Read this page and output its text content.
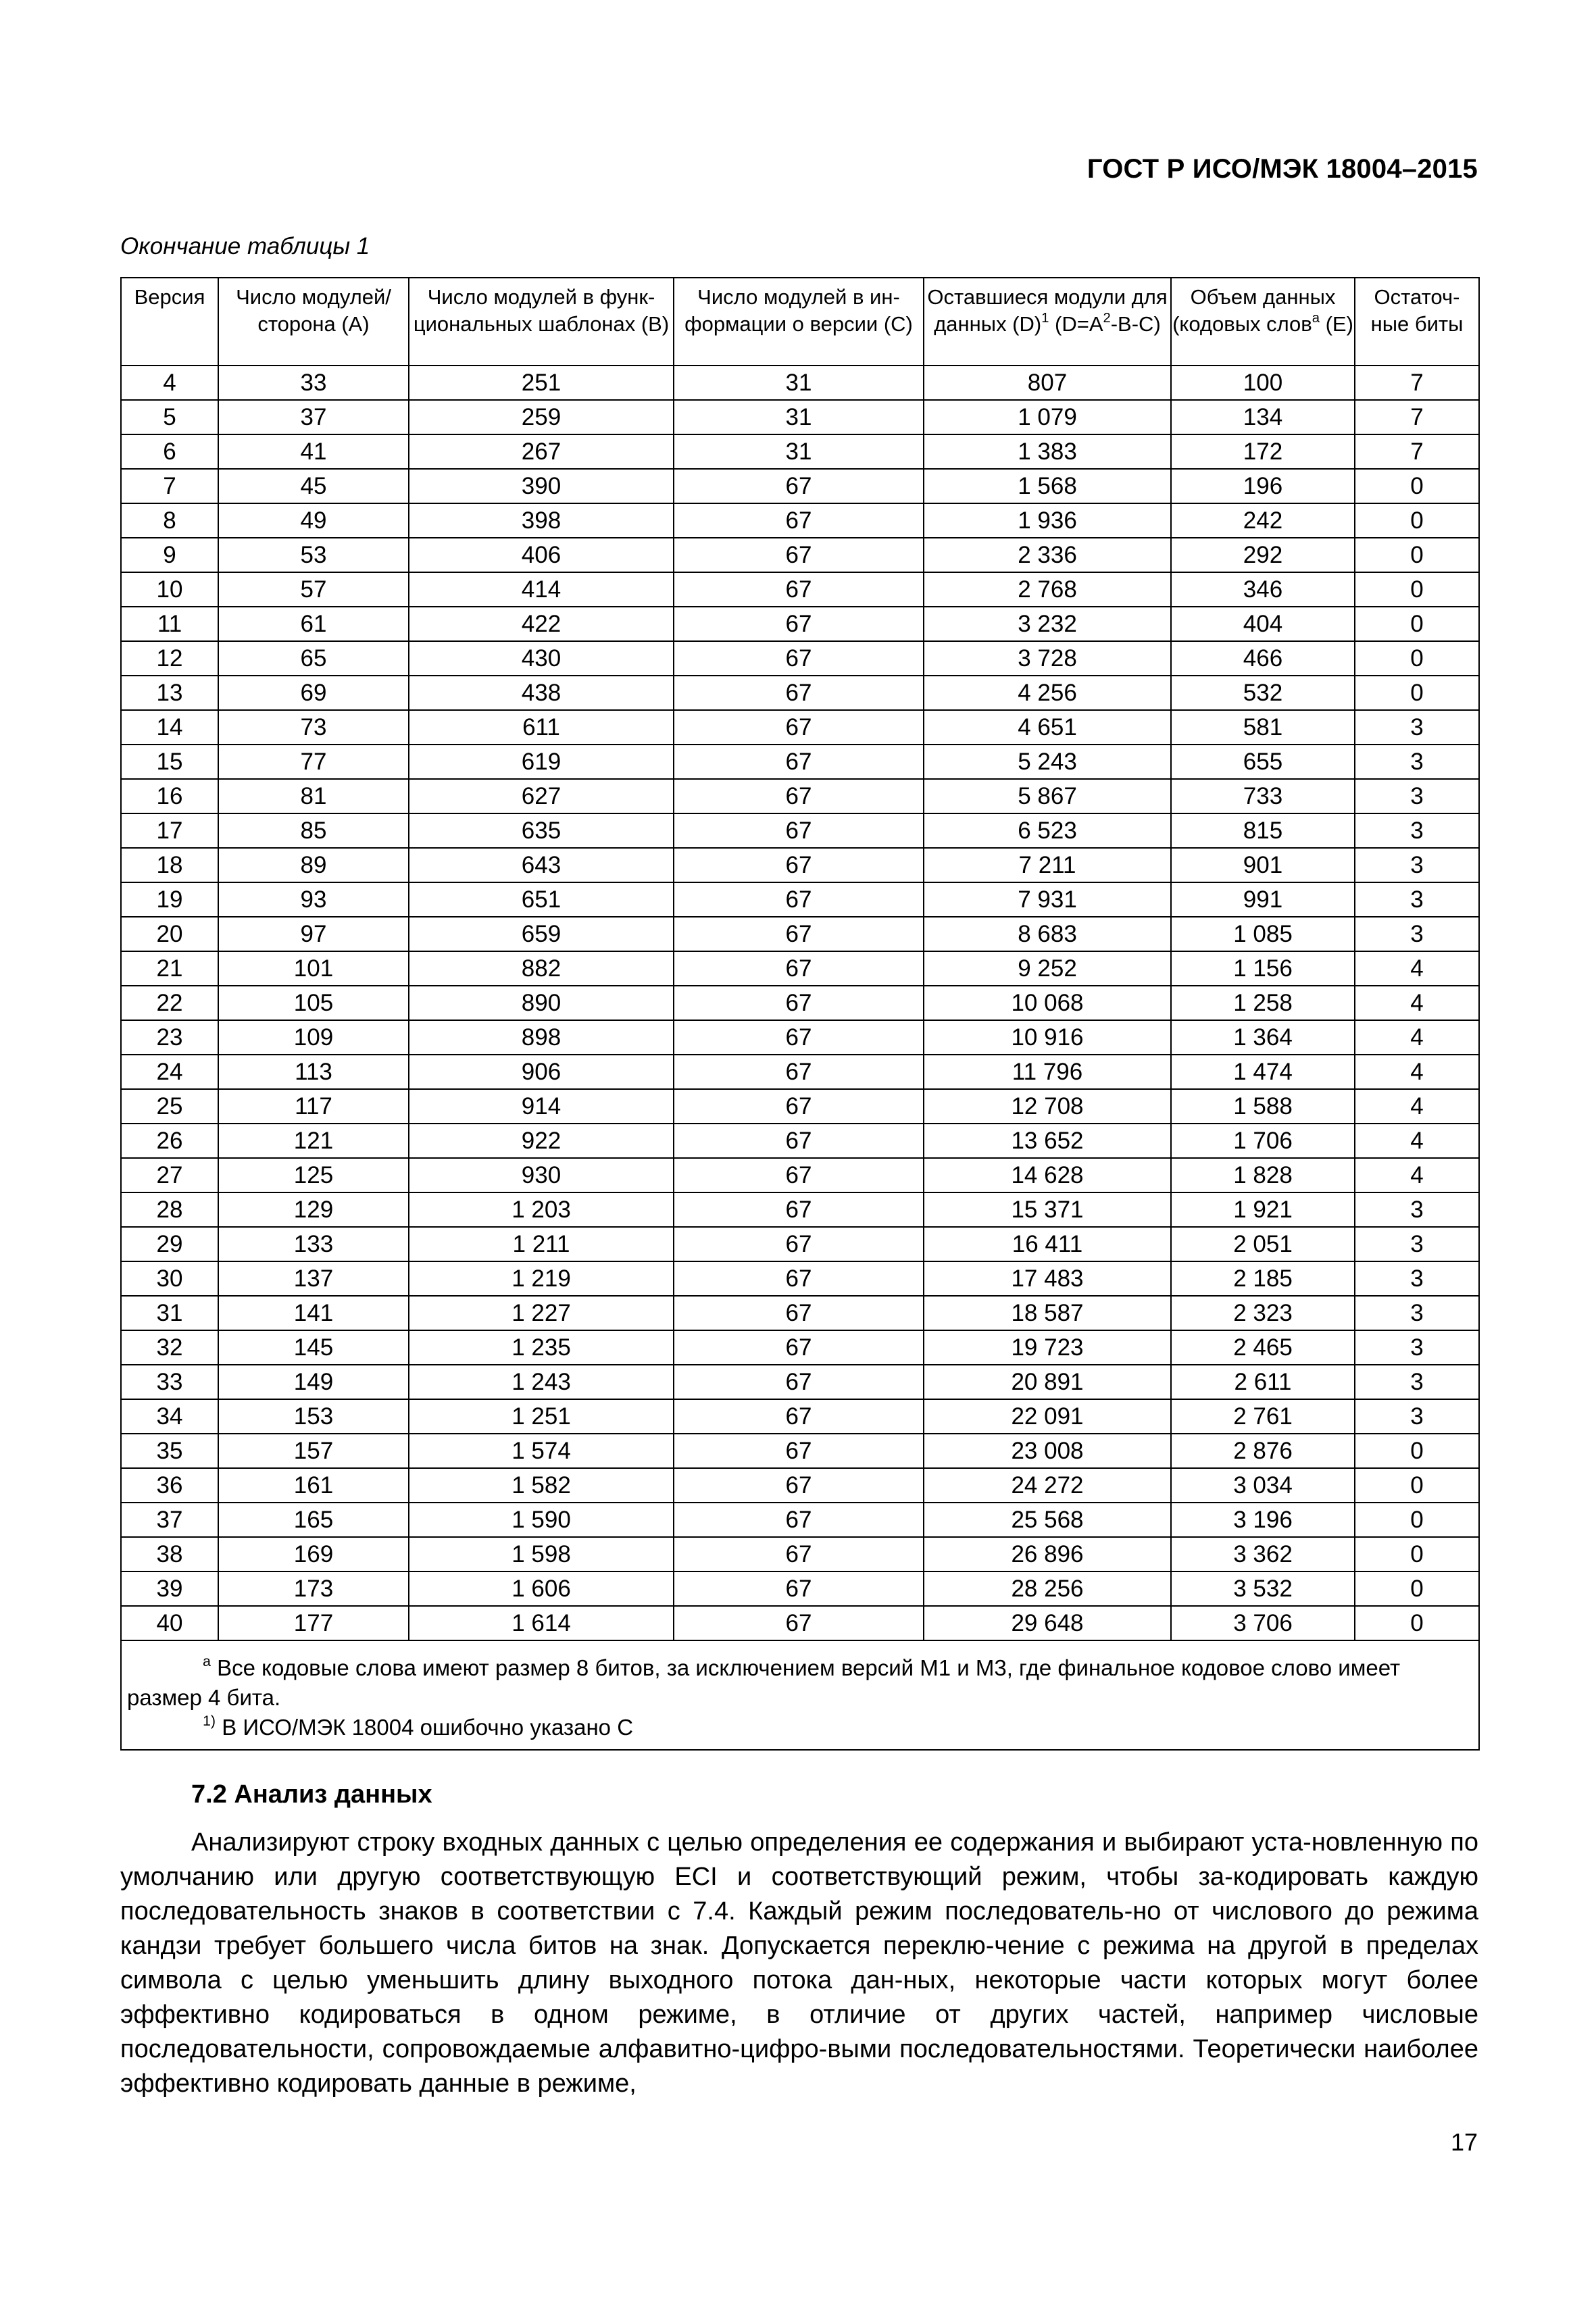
ГОСТ Р ИСО/МЭК 18004–2015
Окончание таблицы 1
Версия	Число модулей/ сторона (A)	Число модулей в функ-циональных шаблонах (B)	Число модулей в ин-формации о версии (C)	Оставшиеся модули для данных $(D)^1$ $(D=A^2-B-C)$	Объем данных (кодовых слов$^a$ (E)	Остаточ-ные биты
4	33	251	31	807	100	7
5	37	259	31	1 079	134	7
6	41	267	31	1 383	172	7
7	45	390	67	1 568	196	0
8	49	398	67	1 936	242	0
9	53	406	67	2 336	292	0
10	57	414	67	2 768	346	0
11	61	422	67	3 232	404	0
12	65	430	67	3 728	466	0
13	69	438	67	4 256	532	0
14	73	611	67	4 651	581	3
15	77	619	67	5 243	655	3
16	81	627	67	5 867	733	3
17	85	635	67	6 523	815	3
18	89	643	67	7 211	901	3
19	93	651	67	7 931	991	3
20	97	659	67	8 683	1 085	3
21	101	882	67	9 252	1 156	4
22	105	890	67	10 068	1 258	4
23	109	898	67	10 916	1 364	4
24	113	906	67	11 796	1 474	4
25	117	914	67	12 708	1 588	4
26	121	922	67	13 652	1 706	4
27	125	930	67	14 628	1 828	4
28	129	1 203	67	15 371	1 921	3
29	133	1 211	67	16 411	2 051	3
30	137	1 219	67	17 483	2 185	3
31	141	1 227	67	18 587	2 323	3
32	145	1 235	67	19 723	2 465	3
33	149	1 243	67	20 891	2 611	3
34	153	1 251	67	22 091	2 761	3
35	157	1 574	67	23 008	2 876	0
36	161	1 582	67	24 272	3 034	0
37	165	1 590	67	25 568	3 196	0
38	169	1 598	67	26 896	3 362	0
39	173	1 606	67	28 256	3 532	0
40	177	1 614	67	29 648	3 706	0

$^a$ Все кодовые слова имеют размер 8 битов, за исключением версий M1 и M3, где финальное кодовое слово имеет размер 4 бита.
$^{1)}$ В ИСО/МЭК 18004 ошибочно указано C						
7.2 Анализ данных
Анализируют строку входных данных с целью определения ее содержания и выбирают уста-новленную по умолчанию или другую соответствующую ECI и соответствующий режим, чтобы за-кодировать каждую последовательность знаков в соответствии с 7.4. Каждый режим последователь-но от числового до режима кандзи требует большего числа битов на знак. Допускается переклю-чение с режима на другой в пределах символа с целью уменьшить длину выходного потока дан-ных, некоторые части которых могут более эффективно кодироваться в одном режиме, в отличие от других частей, например числовые последовательности, сопровождаемые алфавитно-цифро-выми последовательностями. Теоретически наиболее эффективно кодировать данные в режиме,
17
